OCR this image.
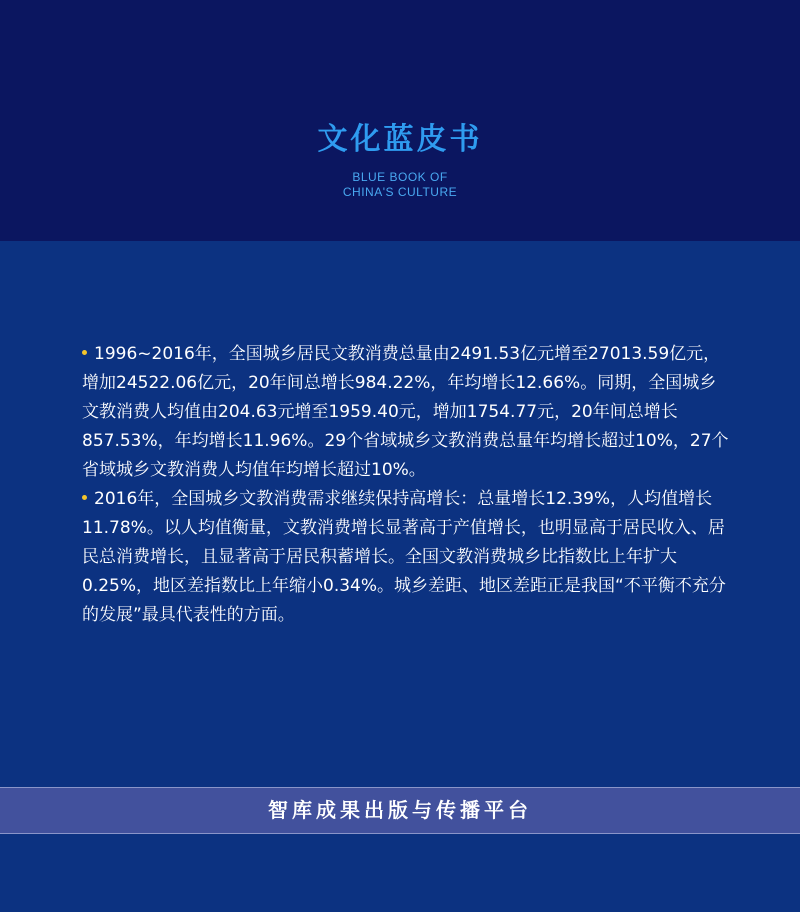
文化蓝皮书
BLUE BOOK OF
CHINA'S CULTURE

1996~2016年，全国城乡居民文教消费总量由2491.53亿元增至27013.59亿元，增加24522.06亿元，20年间总增长984.22%，年均增长12.66%。同期，全国城乡文教消费人均值由204.63元增至1959.40元，增加1754.77元，20年间总增长857.53%，年均增长11.96%。29个省域城乡文教消费总量年均增长超过10%，27个省域城乡文教消费人均值年均增长超过10%。

2016年，全国城乡文教消费需求继续保持高增长：总量增长12.39%，人均值增长11.78%。以人均值衡量，文教消费增长显著高于产值增长，也明显高于居民收入、居民总消费增长，且显著高于居民积蓄增长。全国文教消费城乡比指数比上年扩大0.25%，地区差指数比上年缩小0.34%。城乡差距、地区差距正是我国“不平衡不充分的发展”最具代表性的方面。

智库成果出版与传播平台
